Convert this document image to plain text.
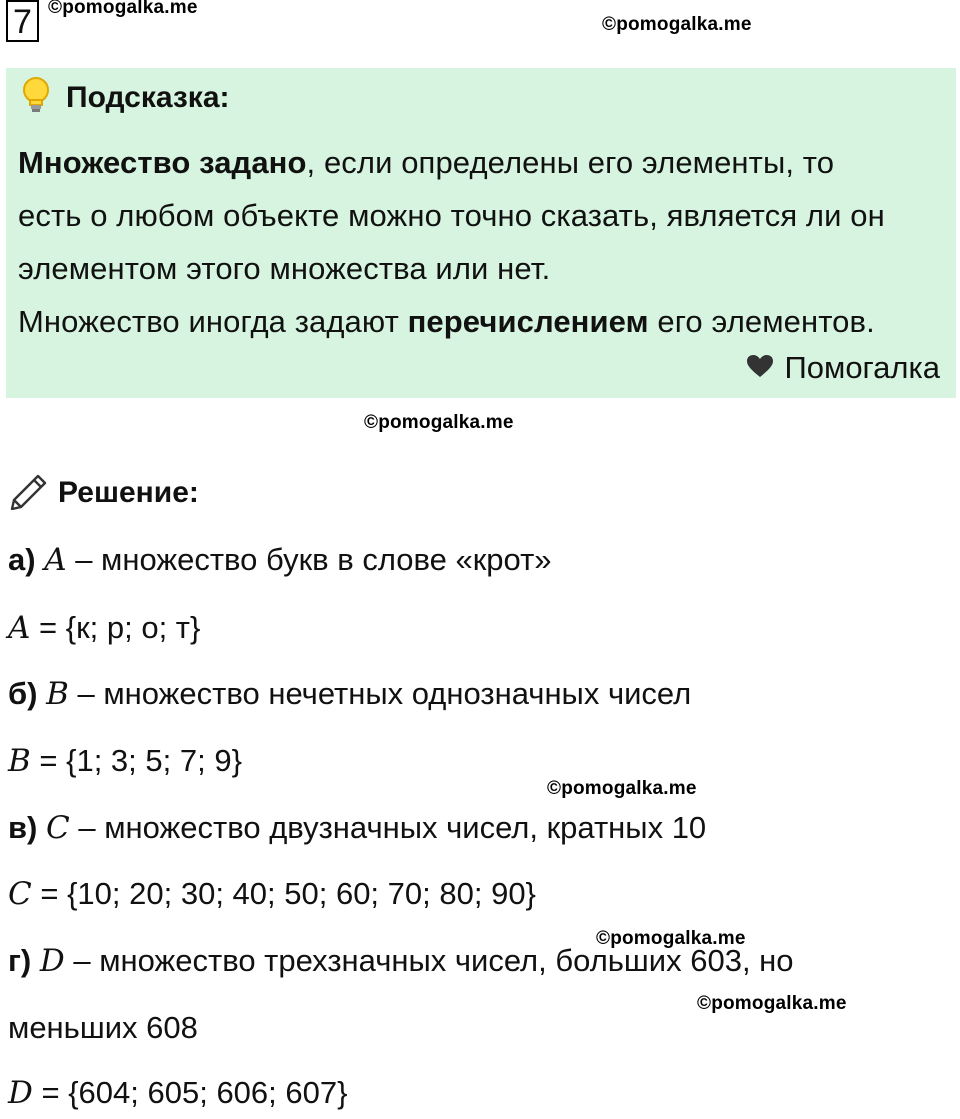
©pomogalka.me
©pomogalka.me
©pomogalka.me
©pomogalka.me
©pomogalka.me
©pomogalka.me
7
Подсказка:
Множество задано, если определены его элементы, то
есть о любом объекте можно точно сказать, является ли он
элементом этого множества или нет.
Множество иногда задают перечислением его элементов.
Помогалка
Решение:
а) A – множество букв в слове «крот»
A = {к; р; о; т}
б) B – множество нечетных однозначных чисел
B = {1; 3; 5; 7; 9}
в) C – множество двузначных чисел, кратных 10
C = {10; 20; 30; 40; 50; 60; 70; 80; 90}
г) D – множество трехзначных чисел, больших 603, но
меньших 608
D = {604; 605; 606; 607}
